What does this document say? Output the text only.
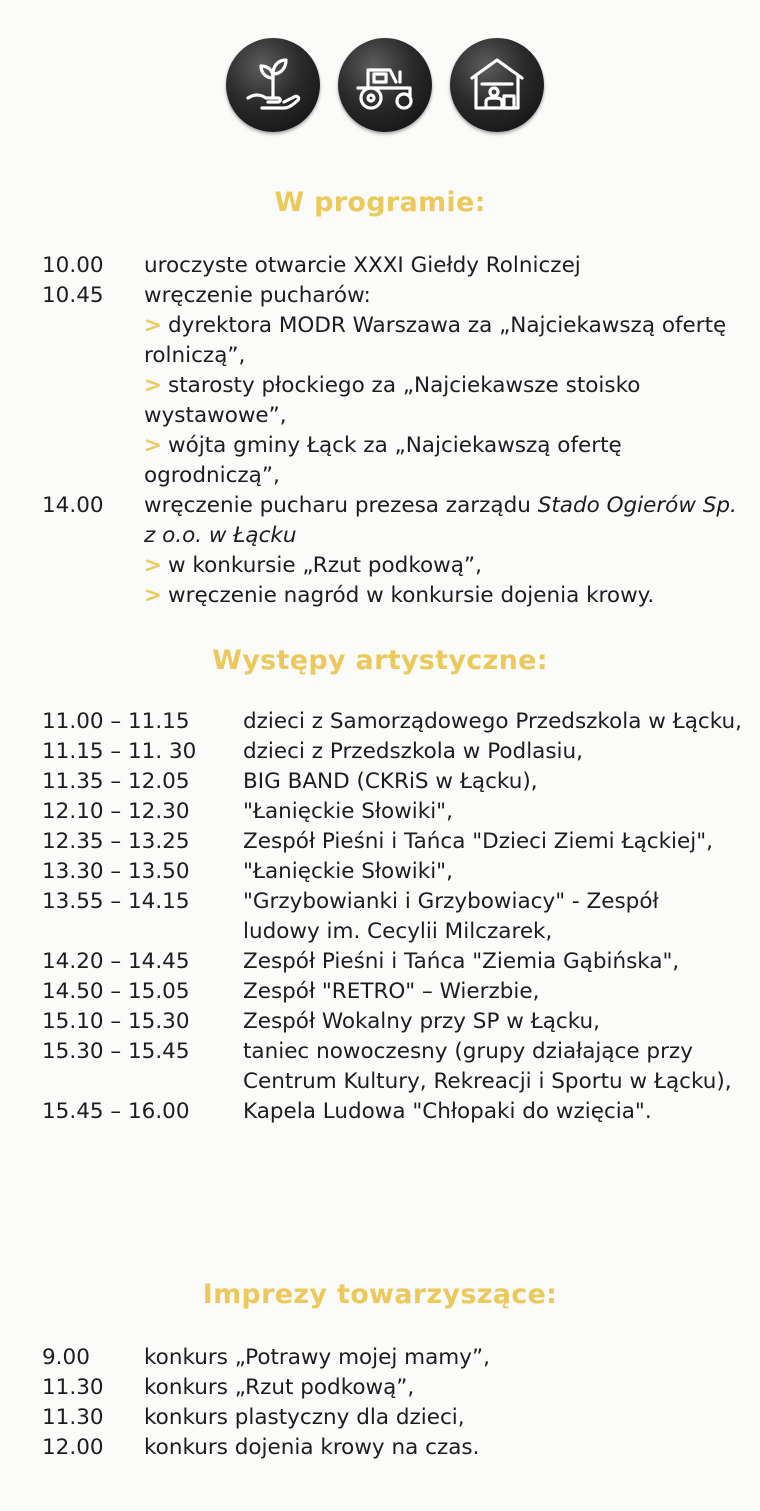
W programie:
10.00	uroczyste otwarcie XXXI Giełdy Rolniczej
10.45	wręczenie pucharów:
> dyrektora MODR Warszawa za „Najciekawszą ofertę rolniczą”,
> starosty płockiego za „Najciekawsze stoisko wystawowe”,
> wójta gminy Łąck za „Najciekawszą ofertę ogrodniczą”,
14.00	wręczenie pucharu prezesa zarządu Stado Ogierów Sp. z o.o. w Łącku
> w konkursie „Rzut podkową”,
> wręczenie nagród w konkursie dojenia krowy.
Występy artystyczne:
11.00 – 11.15	dzieci z Samorządowego Przedszkola w Łącku,
11.15 – 11. 30	dzieci z Przedszkola w Podlasiu,
11.35 – 12.05	BIG BAND (CKRiS w Łącku),
12.10 – 12.30	"Łanięckie Słowiki",
12.35 – 13.25	Zespół Pieśni i Tańca "Dzieci Ziemi Łąckiej",
13.30 – 13.50	"Łanięckie Słowiki",
13.55 – 14.15	"Grzybowianki i Grzybowiacy" - Zespół ludowy im. Cecylii Milczarek,
14.20 – 14.45	Zespół Pieśni i Tańca "Ziemia Gąbińska",
14.50 – 15.05	Zespół "RETRO" – Wierzbie,
15.10 – 15.30	Zespół Wokalny przy SP w Łącku,
15.30 – 15.45	taniec nowoczesny (grupy działające przy Centrum Kultury, Rekreacji i Sportu w Łącku),
15.45 – 16.00	Kapela Ludowa "Chłopaki do wzięcia".
Imprezy towarzyszące:
9.00	konkurs „Potrawy mojej mamy”,
11.30	konkurs „Rzut podkową”,
11.30	konkurs plastyczny dla dzieci,
12.00	konkurs dojenia krowy na czas.
